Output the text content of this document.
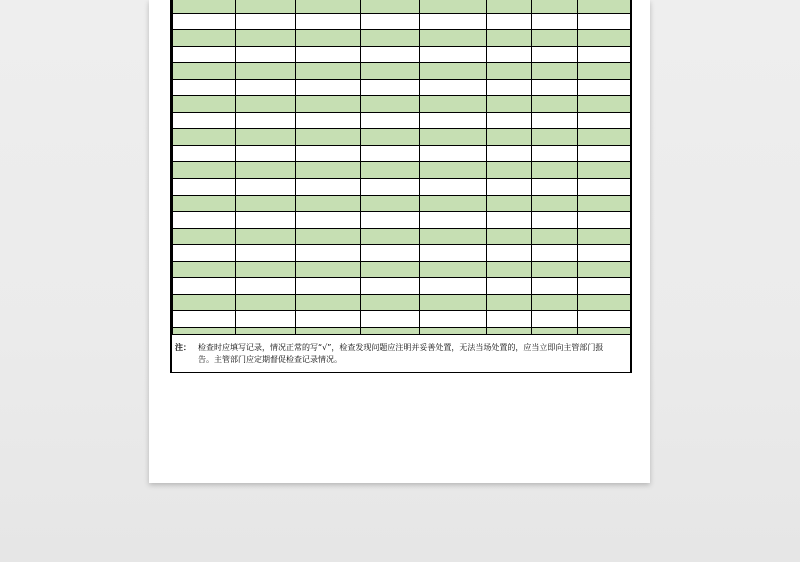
注： 检查时应填写记录，情况正常的写“√”，检查发现问题应注明并妥善处置，无法当场处置的，应当立即向主管部门报
告。主管部门应定期督促检查记录情况。
